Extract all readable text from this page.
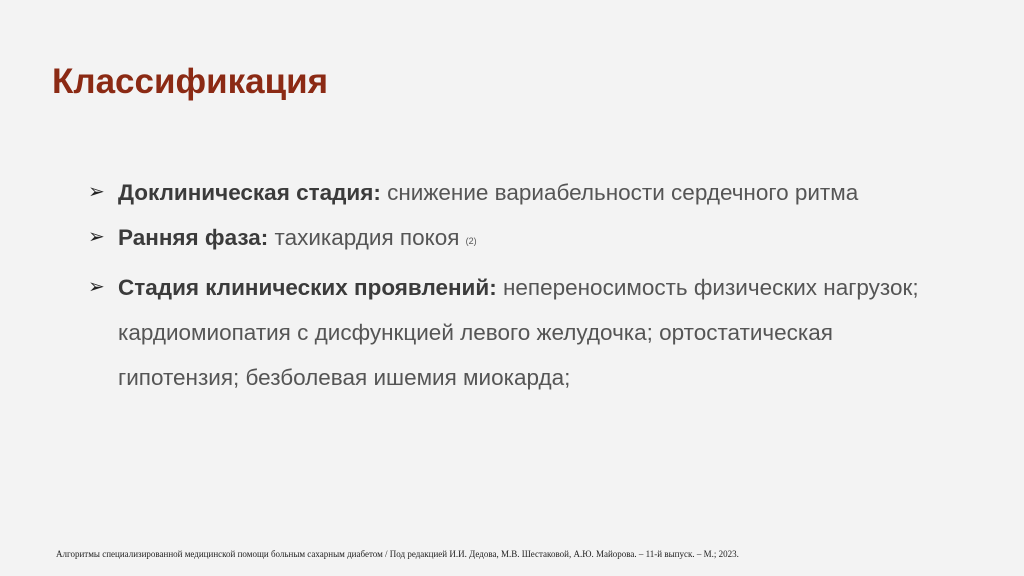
Классификация
➢ Доклиническая стадия: снижение вариабельности сердечного ритма
➢ Ранняя фаза: тахикардия покоя (2)
➢ Стадия клинических проявлений: непереносимость физических нагрузок; кардиомиопатия с дисфункцией левого желудочка; ортостатическая гипотензия; безболевая ишемия миокарда;
Алгоритмы специализированной медицинской помощи больным сахарным диабетом / Под редакцией И.И. Дедова, М.В. Шестаковой, А.Ю. Майорова. – 11-й выпуск. – М.; 2023.
